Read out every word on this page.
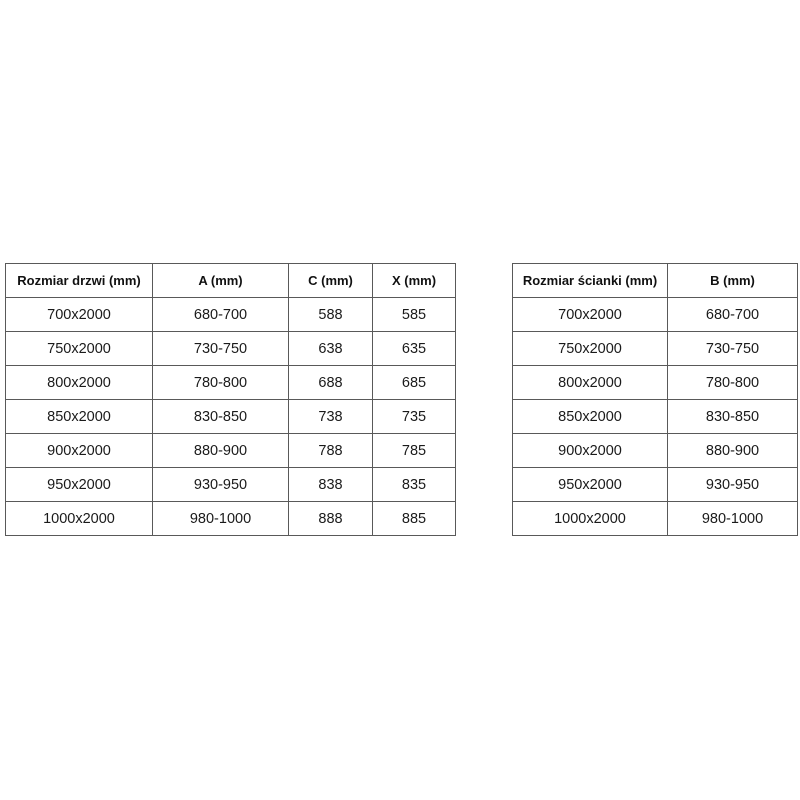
Rozmiar drzwi (mm)	A (mm)	C (mm)	X (mm)
700x2000	680-700	588	585
750x2000	730-750	638	635
800x2000	780-800	688	685
850x2000	830-850	738	735
900x2000	880-900	788	785
950x2000	930-950	838	835
1000x2000	980-1000	888	885
Rozmiar ścianki (mm)	B (mm)
700x2000	680-700
750x2000	730-750
800x2000	780-800
850x2000	830-850
900x2000	880-900
950x2000	930-950
1000x2000	980-1000
